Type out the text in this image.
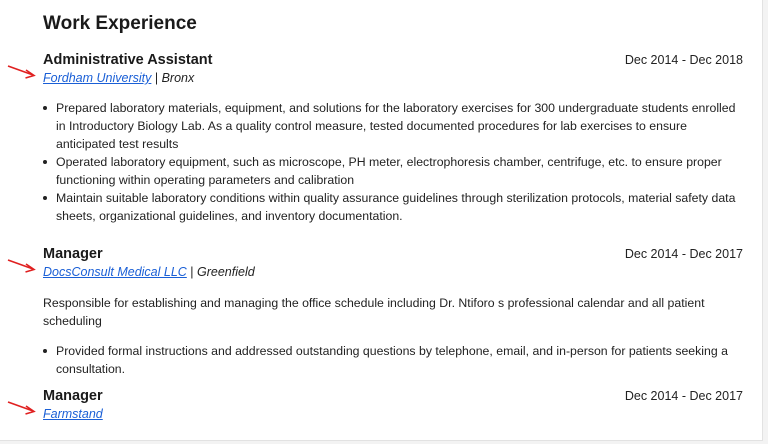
Work Experience
Administrative Assistant	Dec 2014 - Dec 2018
Fordham University | Bronx
Prepared laboratory materials, equipment, and solutions for the laboratory exercises for 300 undergraduate students enrolled in Introductory Biology Lab. As a quality control measure, tested documented procedures for lab exercises to ensure anticipated test results
Operated laboratory equipment, such as microscope, PH meter, electrophoresis chamber, centrifuge, etc. to ensure proper functioning within operating parameters and calibration
Maintain suitable laboratory conditions within quality assurance guidelines through sterilization protocols, material safety data sheets, organizational guidelines, and inventory documentation.
Manager	Dec 2014 - Dec 2017
DocsConsult Medical LLC | Greenfield
Responsible for establishing and managing the office schedule including Dr. Ntiforo s professional calendar and all patient scheduling
Provided formal instructions and addressed outstanding questions by telephone, email, and in-person for patients seeking a consultation.
Manager	Dec 2014 - Dec 2017
Farmstand
